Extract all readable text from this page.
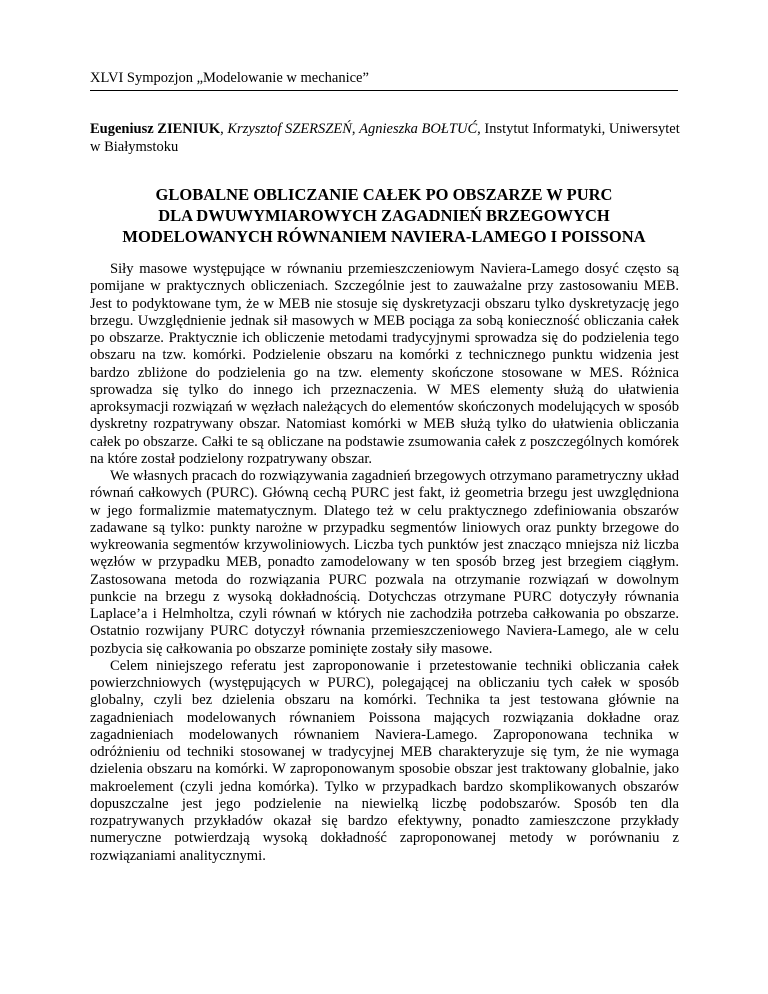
XLVI Sympozjon „Modelowanie w mechanice”
Eugeniusz ZIENIUK, Krzysztof SZERSZEŃ, Agnieszka BOŁTUĆ, Instytut Informatyki, Uniwersytet w Białymstoku
GLOBALNE OBLICZANIE CAŁEK PO OBSZARZE W PURC
DLA DWUWYMIAROWYCH ZAGADNIEŃ BRZEGOWYCH
MODELOWANYCH RÓWNANIEM NAVIERA-LAMEGO I POISSONA

Siły masowe występujące w równaniu przemieszczeniowym Naviera-Lamego dosyć często są pomijane w praktycznych obliczeniach. Szczególnie jest to zauważalne przy zastosowaniu MEB. Jest to podyktowane tym, że w MEB nie stosuje się dyskretyzacji obszaru tylko dyskretyzację jego brzegu. Uwzględnienie jednak sił masowych w MEB pociąga za sobą konieczność obliczania całek po obszarze. Praktycznie ich obliczenie metodami tradycyjnymi sprowadza się do podzielenia tego obszaru na tzw. komórki. Podzielenie obszaru na komórki z technicznego punktu widzenia jest bardzo zbliżone do podzielenia go na tzw. elementy skończone stosowane w MES. Różnica sprowadza się tylko do innego ich przeznaczenia. W MES elementy służą do ułatwienia aproksymacji rozwiązań w węzłach należących do elementów skończonych modelujących w sposób dyskretny rozpatrywany obszar. Natomiast komórki w MEB służą tylko do ułatwienia obliczania całek po obszarze. Całki te są obliczane na podstawie zsumowania całek z poszczególnych komórek na które został podzielony rozpatrywany obszar.

We własnych pracach do rozwiązywania zagadnień brzegowych otrzymano parametryczny układ równań całkowych (PURC). Główną cechą PURC jest fakt, iż geometria brzegu jest uwzględniona w jego formalizmie matematycznym. Dlatego też w celu praktycznego zdefiniowania obszarów zadawane są tylko: punkty narożne w przypadku segmentów liniowych oraz punkty brzegowe do wykreowania segmentów krzywoliniowych. Liczba tych punktów jest znacząco mniejsza niż liczba węzłów w przypadku MEB, ponadto zamodelowany w ten sposób brzeg jest brzegiem ciągłym. Zastosowana metoda do rozwiązania PURC pozwala na otrzymanie rozwiązań w dowolnym punkcie na brzegu z wysoką dokładnością. Dotychczas otrzymane PURC dotyczyły równania Laplace’a i Helmholtza, czyli równań w których nie zachodziła potrzeba całkowania po obszarze. Ostatnio rozwijany PURC dotyczył równania przemieszczeniowego Naviera-Lamego, ale w celu pozbycia się całkowania po obszarze pominięte zostały siły masowe.

Celem niniejszego referatu jest zaproponowanie i przetestowanie techniki obliczania całek powierzchniowych (występujących w PURC), polegającej na obliczaniu tych całek w sposób globalny, czyli bez dzielenia obszaru na komórki. Technika ta jest testowana głównie na zagadnieniach modelowanych równaniem Poissona mających rozwiązania dokładne oraz zagadnieniach modelowanych równaniem Naviera-Lamego. Zaproponowana technika w odróżnieniu od techniki stosowanej w tradycyjnej MEB charakteryzuje się tym, że nie wymaga dzielenia obszaru na komórki. W zaproponowanym sposobie obszar jest traktowany globalnie, jako makroelement (czyli jedna komórka). Tylko w przypadkach bardzo skomplikowanych obszarów dopuszczalne jest jego podzielenie na niewielką liczbę podobszarów. Sposób ten dla rozpatrywanych przykładów okazał się bardzo efektywny, ponadto zamieszczone przykłady numeryczne potwierdzają wysoką dokładność zaproponowanej metody w porównaniu z rozwiązaniami analitycznymi.
